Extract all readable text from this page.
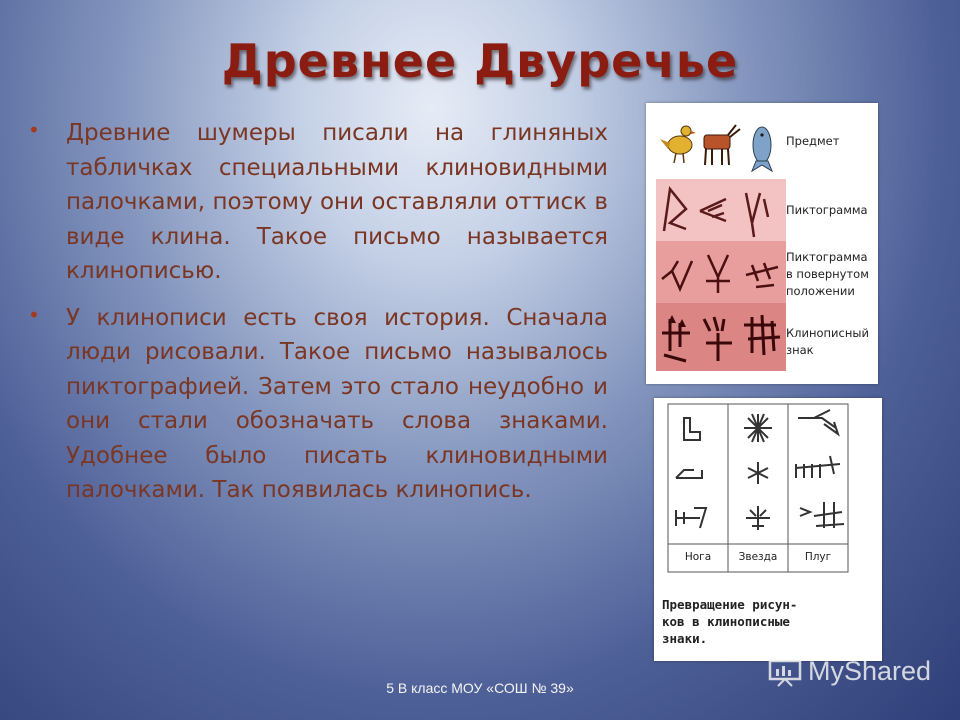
Древнее Двуречье
• Древние шумеры писали на глиняных табличках специальными клиновидными палочками, поэтому они оставляли оттиск в виде клина. Такое письмо называется клинописью.
• У клинописи есть своя история. Сначала люди рисовали. Такое письмо называлось пиктографией. Затем это стало неудобно и они стали обозначать слова знаками. Удобнее было писать клиновидными палочками. Так появилась клинопись.
Предмет
Пиктограмма
Пиктограмма
в повернутом
положении
Клинописный
знак
Нога	Звезда	Плуг
Превращение рисун-
ков в клинописные
знаки.
5 В класс МОУ «СОШ № 39»
MyShared
